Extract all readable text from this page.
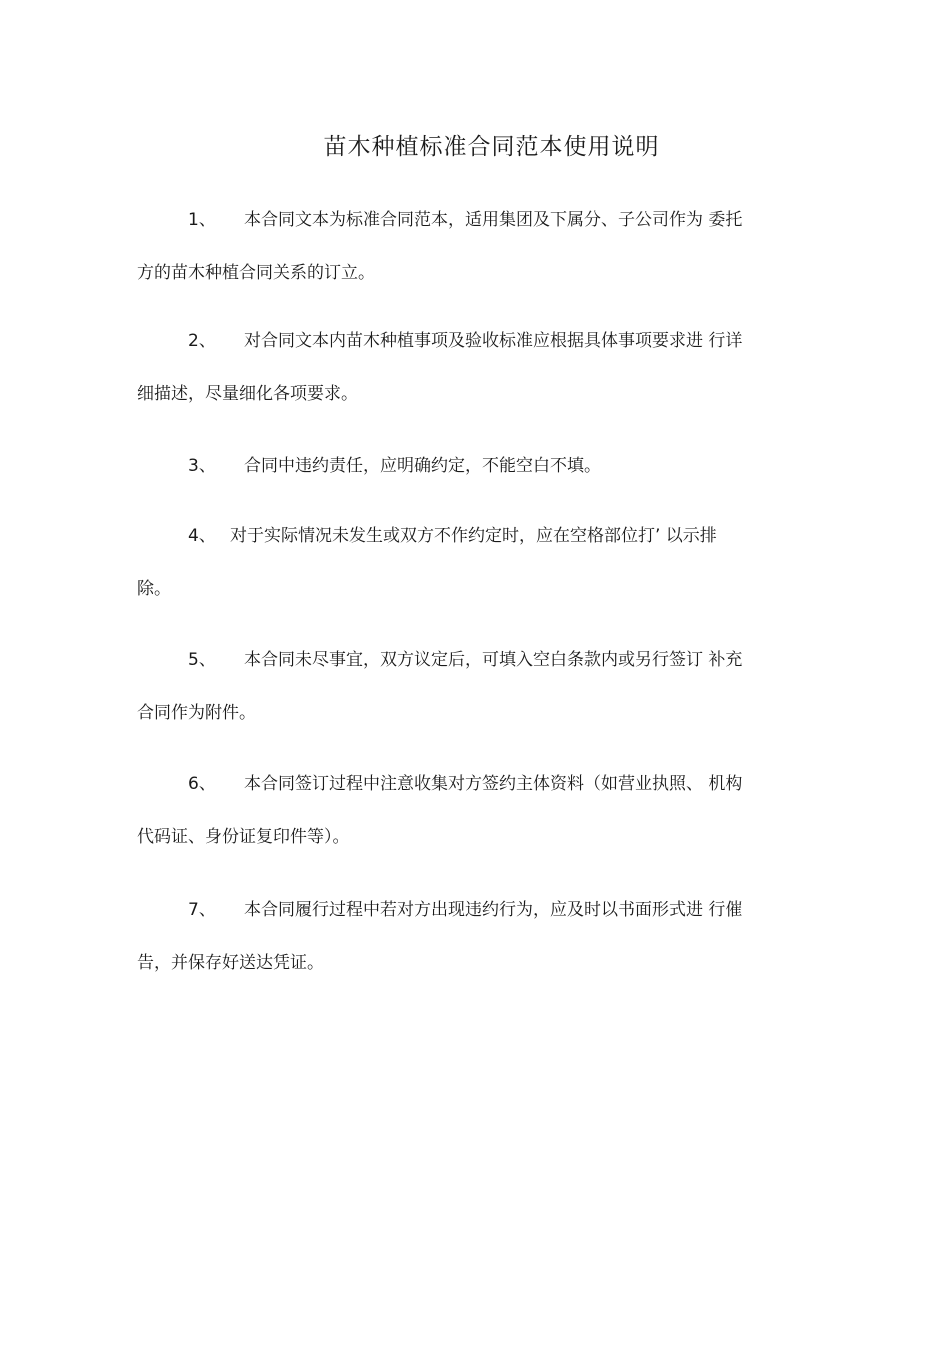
苗木种植标准合同范本使用说明
1、 本合同文本为标准合同范本，适用集团及下属分、子公司作为 委托
方的苗木种植合同关系的订立。
2、 对合同文本内苗木种植事项及验收标准应根据具体事项要求进 行详
细描述，尽量细化各项要求。
3、 合同中违约责任，应明确约定，不能空白不填。
4、 对于实际情况未发生或双方不作约定时，应在空格部位打’ 以示排
除。
5、 本合同未尽事宜，双方议定后，可填入空白条款内或另行签订 补充
合同作为附件。
6、 本合同签订过程中注意收集对方签约主体资料（如营业执照、 机构
代码证、身份证复印件等）。
7、 本合同履行过程中若对方出现违约行为，应及时以书面形式进 行催
告，并保存好送达凭证。
